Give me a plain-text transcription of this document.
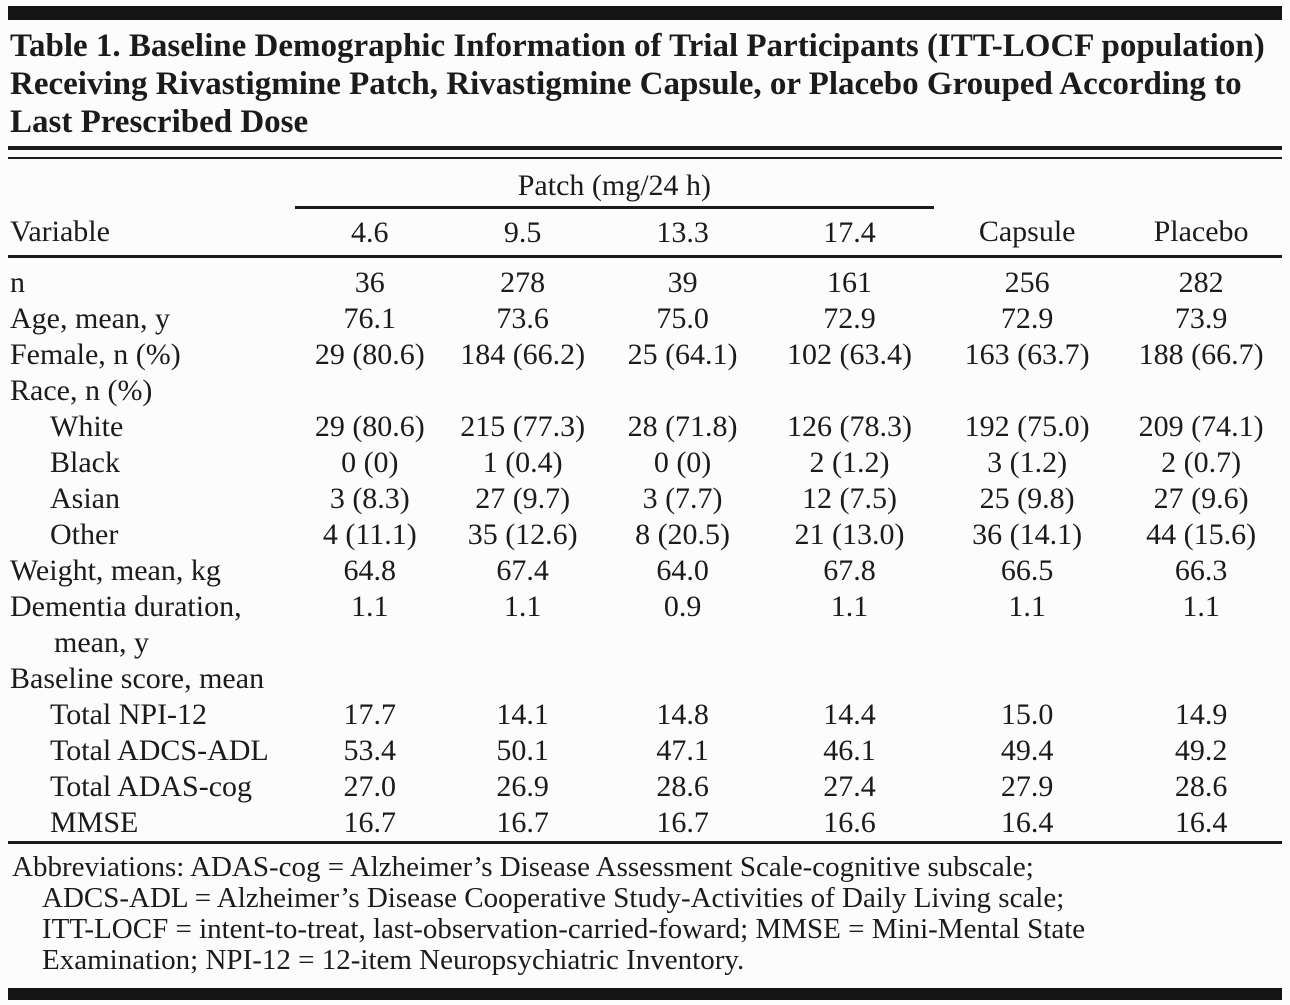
Table 1. Baseline Demographic Information of Trial Participants (ITT-LOCF population) Receiving Rivastigmine Patch, Rivastigmine Capsule, or Placebo Grouped According to Last Prescribed Dose
	Patch (mg/24 h)					
Variable	4.6	9.5	13.3	17.4	Capsule	Placebo
n	36	278	39	161	256	282
Age, mean, y	76.1	73.6	75.0	72.9	72.9	73.9
Female, n (%)	29 (80.6)	184 (66.2)	25 (64.1)	102 (63.4)	163 (63.7)	188 (66.7)
Race, n (%)						
White	29 (80.6)	215 (77.3)	28 (71.8)	126 (78.3)	192 (75.0)	209 (74.1)
Black	0 (0)	1 (0.4)	0 (0)	2 (1.2)	3 (1.2)	2 (0.7)
Asian	3 (8.3)	27 (9.7)	3 (7.7)	12 (7.5)	25 (9.8)	27 (9.6)
Other	4 (11.1)	35 (12.6)	8 (20.5)	21 (13.0)	36 (14.1)	44 (15.6)
Weight, mean, kg	64.8	67.4	64.0	67.8	66.5	66.3
Dementia duration,
mean, y	1.1	1.1	0.9	1.1	1.1	1.1
Baseline score, mean						
Total NPI-12	17.7	14.1	14.8	14.4	15.0	14.9
Total ADCS-ADL	53.4	50.1	47.1	46.1	49.4	49.2
Total ADAS-cog	27.0	26.9	28.6	27.4	27.9	28.6
MMSE	16.7	16.7	16.7	16.6	16.4	16.4
Abbreviations: ADAS-cog = Alzheimer’s Disease Assessment Scale-cognitive subscale;
ADCS-ADL = Alzheimer’s Disease Cooperative Study-Activities of Daily Living scale;
ITT-LOCF = intent-to-treat, last-observation-carried-foward; MMSE = Mini-Mental State
Examination; NPI-12 = 12-item Neuropsychiatric Inventory.
